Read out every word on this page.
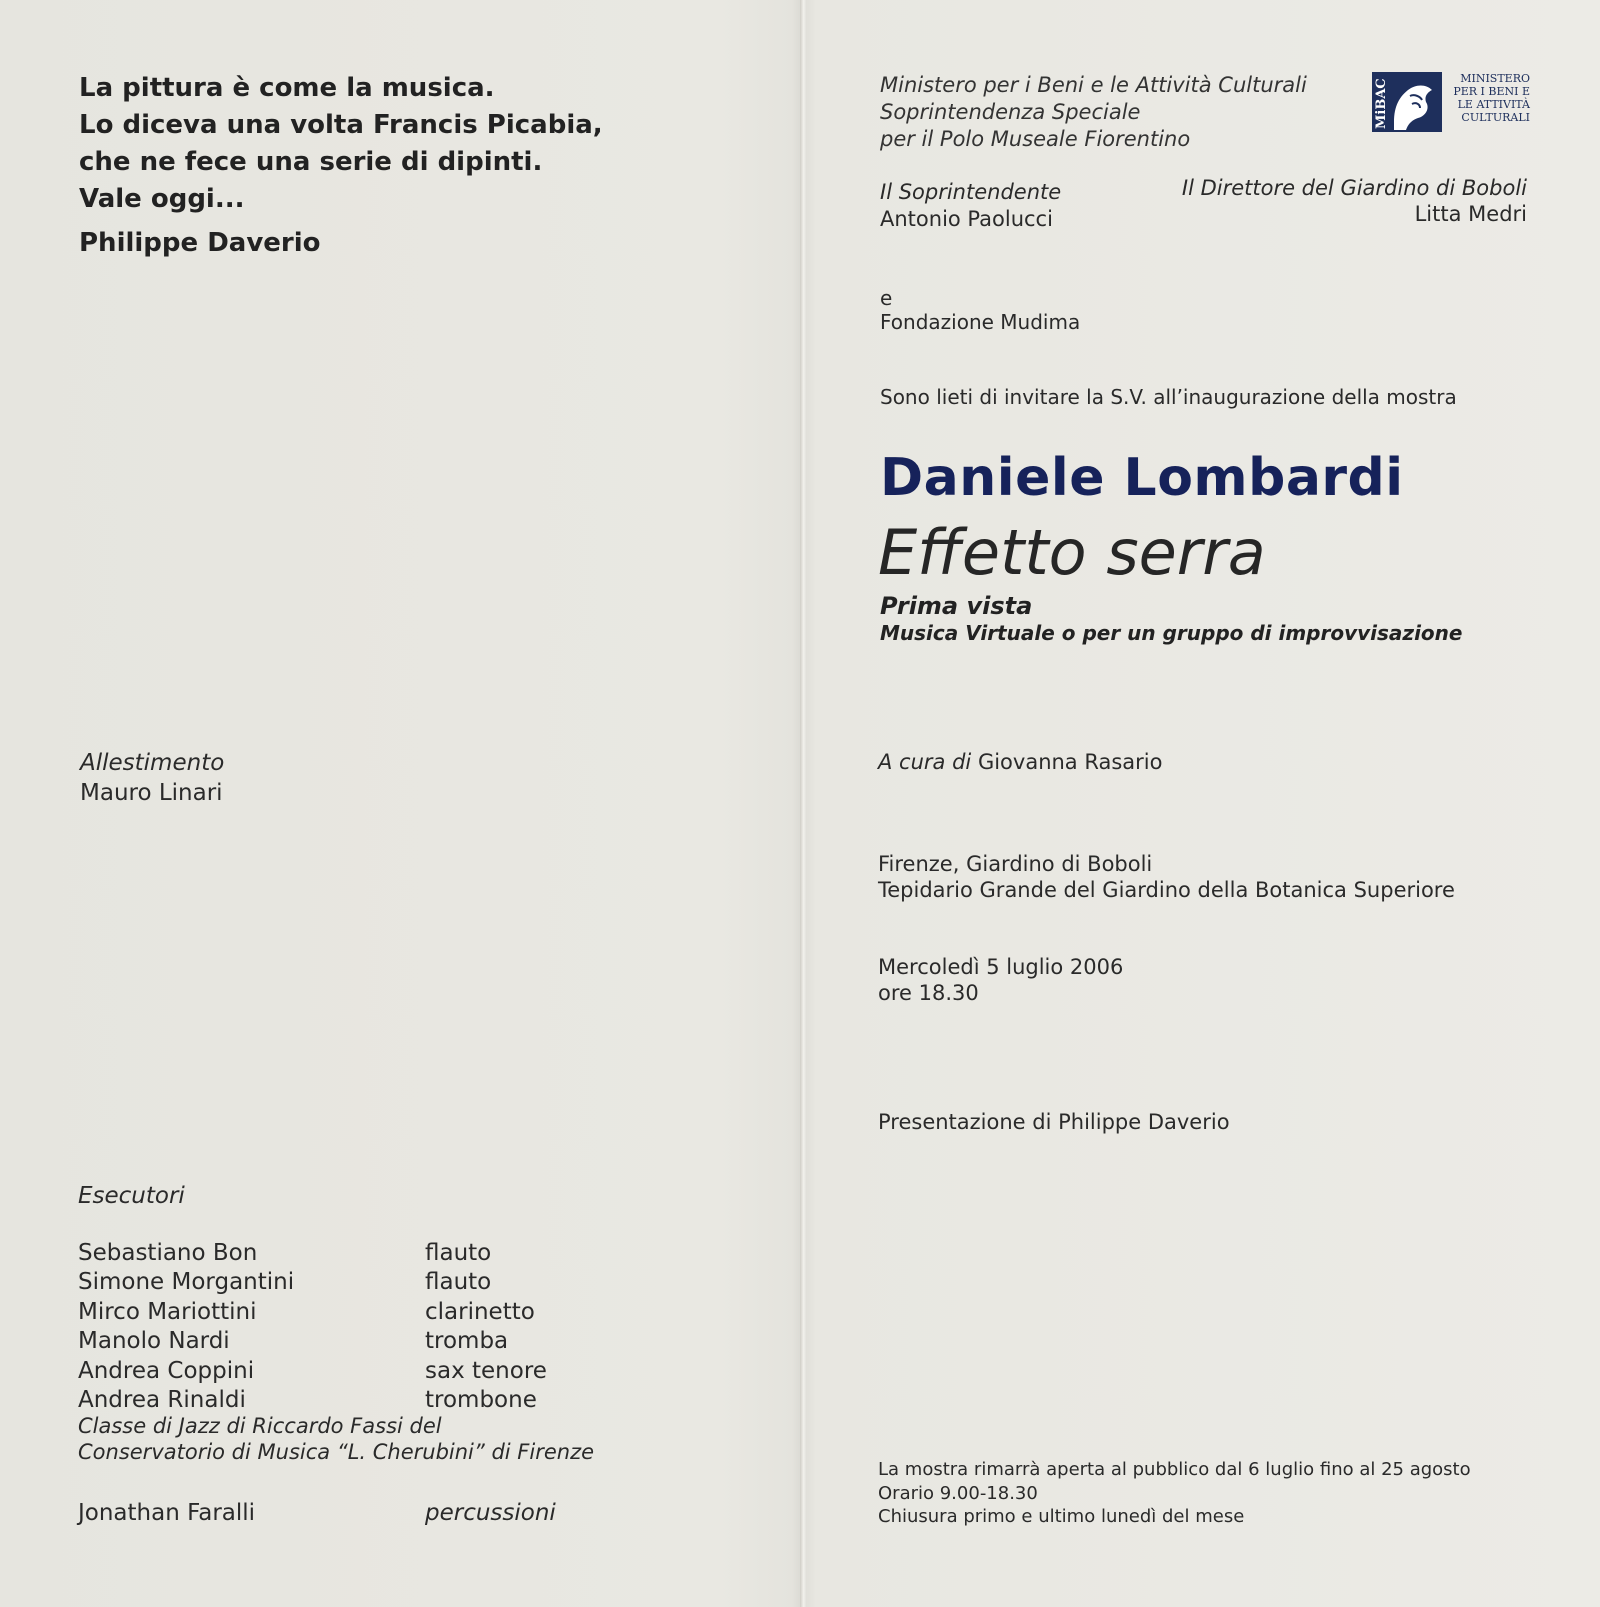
La pittura è come la musica.
Lo diceva una volta Francis Picabia,
che ne fece una serie di dipinti.
Vale oggi...
Philippe Daverio
Allestimento
Mauro Linari
Esecutori
Sebastiano Bon	flauto
Simone Morgantini	flauto
Mirco Mariottini	clarinetto
Manolo Nardi	tromba
Andrea Coppini	sax tenore
Andrea Rinaldi	trombone
Classe di Jazz di Riccardo Fassi del
Conservatorio di Musica “L. Cherubini” di Firenze
Jonathan Faralli	percussioni
Ministero per i Beni e le Attività Culturali
Soprintendenza Speciale
per il Polo Museale Fiorentino
MiBAC	MINISTERO
PER I BENI E
LE ATTIVITÀ
CULTURALI
Il Soprintendente
Antonio Paolucci
Il Direttore del Giardino di Boboli
Litta Medri
e
Fondazione Mudima
Sono lieti di invitare la S.V. all’inaugurazione della mostra
Daniele Lombardi
Effetto serra
Prima vista
Musica Virtuale o per un gruppo di improvvisazione
A cura di Giovanna Rasario
Firenze, Giardino di Boboli
Tepidario Grande del Giardino della Botanica Superiore
Mercoledì 5 luglio 2006
ore 18.30
Presentazione di Philippe Daverio
La mostra rimarrà aperta al pubblico dal 6 luglio fino al 25 agosto
Orario 9.00-18.30
Chiusura primo e ultimo lunedì del mese
